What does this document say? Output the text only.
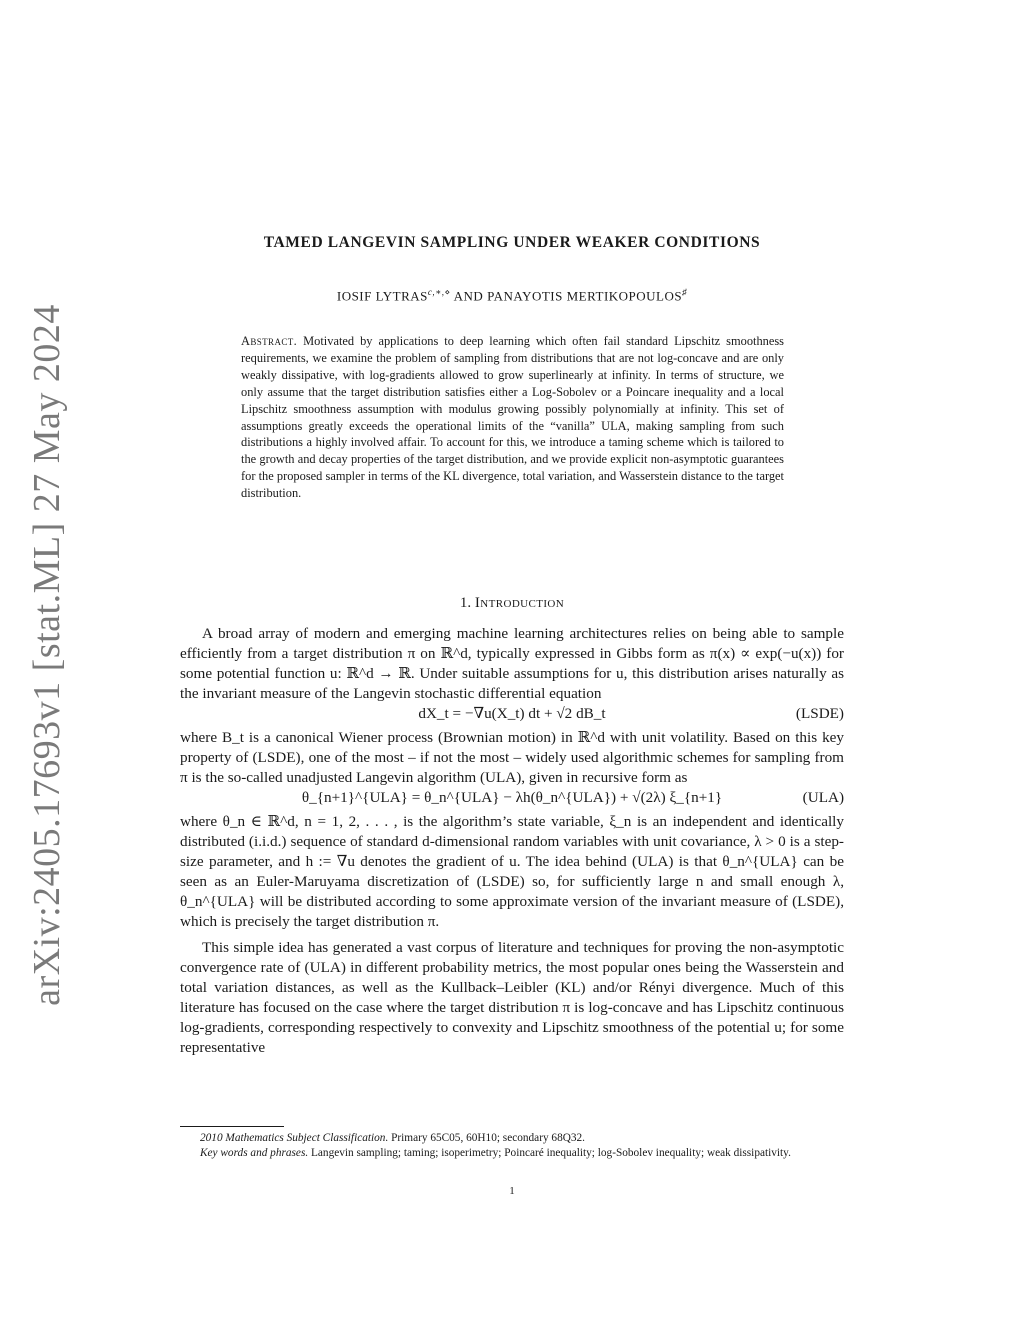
arXiv:2405.17693v1 [stat.ML] 27 May 2024
TAMED LANGEVIN SAMPLING UNDER WEAKER CONDITIONS
IOSIF $LYTRAS^{c,∗,⋄}$ AND PANAYOTIS MERTIKOPOULOS♯
Abstract. Motivated by applications to deep learning which often fail standard Lipschitz smoothness requirements, we examine the problem of sampling from distributions that are not log-concave and are only weakly dissipative, with log-gradients allowed to grow superlinearly at infinity. In terms of structure, we only assume that the target distribution satisfies either a Log-Sobolev or a Poincare inequality and a local Lipschitz smoothness assumption with modulus growing possibly polynomially at infinity. This set of assumptions greatly exceeds the operational limits of the “vanilla” ULA, making sampling from such distributions a highly involved affair. To account for this, we introduce a taming scheme which is tailored to the growth and decay properties of the target distribution, and we provide explicit non-asymptotic guarantees for the proposed sampler in terms of the KL divergence, total variation, and Wasserstein distance to the target distribution.
1. Introduction

A broad array of modern and emerging machine learning architectures relies on being able to sample efficiently from a target distribution π on ℝ^d, typically expressed in Gibbs form as π(x) ∝ exp(−u(x)) for some potential function u: ℝ^d → ℝ. Under suitable assumptions for u, this distribution arises naturally as the invariant measure of the Langevin stochastic differential equation

dX_t = −∇u(X_t) dt + √2 dB_t	(LSDE)

where B_t is a canonical Wiener process (Brownian motion) in ℝ^d with unit volatility. Based on this key property of (LSDE), one of the most – if not the most – widely used algorithmic schemes for sampling from π is the so-called unadjusted Langevin algorithm (ULA), given in recursive form as

θ_{n+1}^{ULA} = θ_n^{ULA} − λh(θ_n^{ULA}) + √(2λ) ξ_{n+1}	(ULA)

where θ_n ∈ ℝ^d, n = 1, 2, . . . , is the algorithm’s state variable, ξ_n is an independent and identically distributed (i.i.d.) sequence of standard d-dimensional random variables with unit covariance, λ > 0 is a step-size parameter, and h := ∇u denotes the gradient of u. The idea behind (ULA) is that θ_n^{ULA} can be seen as an Euler-Maruyama discretization of (LSDE) so, for sufficiently large n and small enough λ, θ_n^{ULA} will be distributed according to some approximate version of the invariant measure of (LSDE), which is precisely the target distribution π.

This simple idea has generated a vast corpus of literature and techniques for proving the non-asymptotic convergence rate of (ULA) in different probability metrics, the most popular ones being the Wasserstein and total variation distances, as well as the Kullback–Leibler (KL) and/or Rényi divergence. Much of this literature has focused on the case where the target distribution π is log-concave and has Lipschitz continuous log-gradients, corresponding respectively to convexity and Lipschitz smoothness of the potential u; for some representative

2010 Mathematics Subject Classification. Primary 65C05, 60H10; secondary 68Q32.

Key words and phrases. Langevin sampling; taming; isoperimetry; Poincaré inequality; log-Sobolev inequality; weak dissipativity.

1
